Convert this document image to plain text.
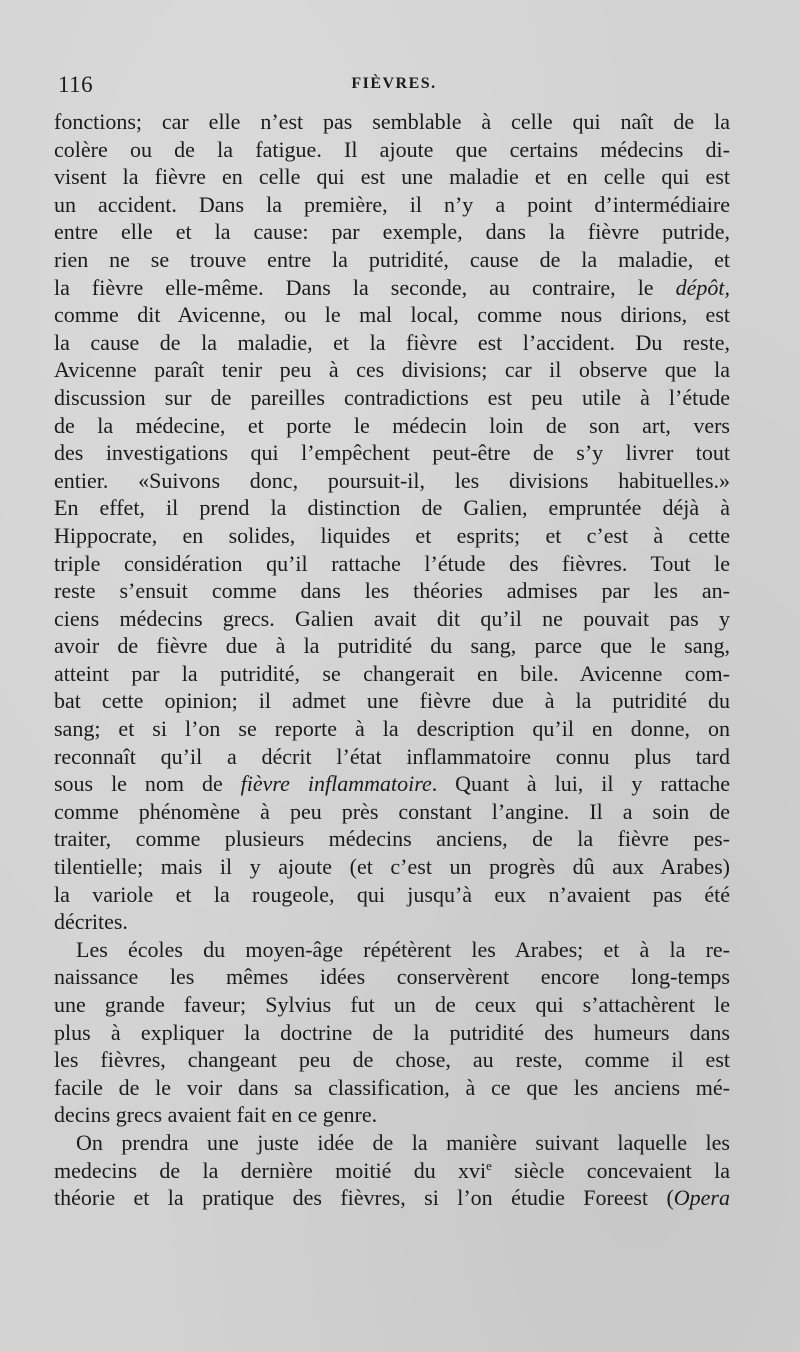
116	FIÈVRES.
fonctions; car elle n’est pas semblable à celle qui naît de la
colère ou de la fatigue. Il ajoute que certains médecins di-
visent la fièvre en celle qui est une maladie et en celle qui est
un accident. Dans la première, il n’y a point d’intermédiaire
entre elle et la cause: par exemple, dans la fièvre putride,
rien ne se trouve entre la putridité, cause de la maladie, et
la fièvre elle-même. Dans la seconde, au contraire, le dépôt,
comme dit Avicenne, ou le mal local, comme nous dirions, est
la cause de la maladie, et la fièvre est l’accident. Du reste,
Avicenne paraît tenir peu à ces divisions; car il observe que la
discussion sur de pareilles contradictions est peu utile à l’étude
de la médecine, et porte le médecin loin de son art, vers
des investigations qui l’empêchent peut-être de s’y livrer tout
entier. «Suivons donc, poursuit-il, les divisions habituelles.»
En effet, il prend la distinction de Galien, empruntée déjà à
Hippocrate, en solides, liquides et esprits; et c’est à cette
triple considération qu’il rattache l’étude des fièvres. Tout le
reste s’ensuit comme dans les théories admises par les an-
ciens médecins grecs. Galien avait dit qu’il ne pouvait pas y
avoir de fièvre due à la putridité du sang, parce que le sang,
atteint par la putridité, se changerait en bile. Avicenne com-
bat cette opinion; il admet une fièvre due à la putridité du
sang; et si l’on se reporte à la description qu’il en donne, on
reconnaît qu’il a décrit l’état inflammatoire connu plus tard
sous le nom de fièvre inflammatoire. Quant à lui, il y rattache
comme phénomène à peu près constant l’angine. Il a soin de
traiter, comme plusieurs médecins anciens, de la fièvre pes-
tilentielle; mais il y ajoute (et c’est un progrès dû aux Arabes)
la variole et la rougeole, qui jusqu’à eux n’avaient pas été
décrites.
Les écoles du moyen-âge répétèrent les Arabes; et à la re-
naissance les mêmes idées conservèrent encore long-temps
une grande faveur; Sylvius fut un de ceux qui s’attachèrent le
plus à expliquer la doctrine de la putridité des humeurs dans
les fièvres, changeant peu de chose, au reste, comme il est
facile de le voir dans sa classification, à ce que les anciens mé-
decins grecs avaient fait en ce genre.
On prendra une juste idée de la manière suivant laquelle les
medecins de la dernière moitié du xvi$^e$ siècle concevaient la
théorie et la pratique des fièvres, si l’on étudie Foreest (Opera
